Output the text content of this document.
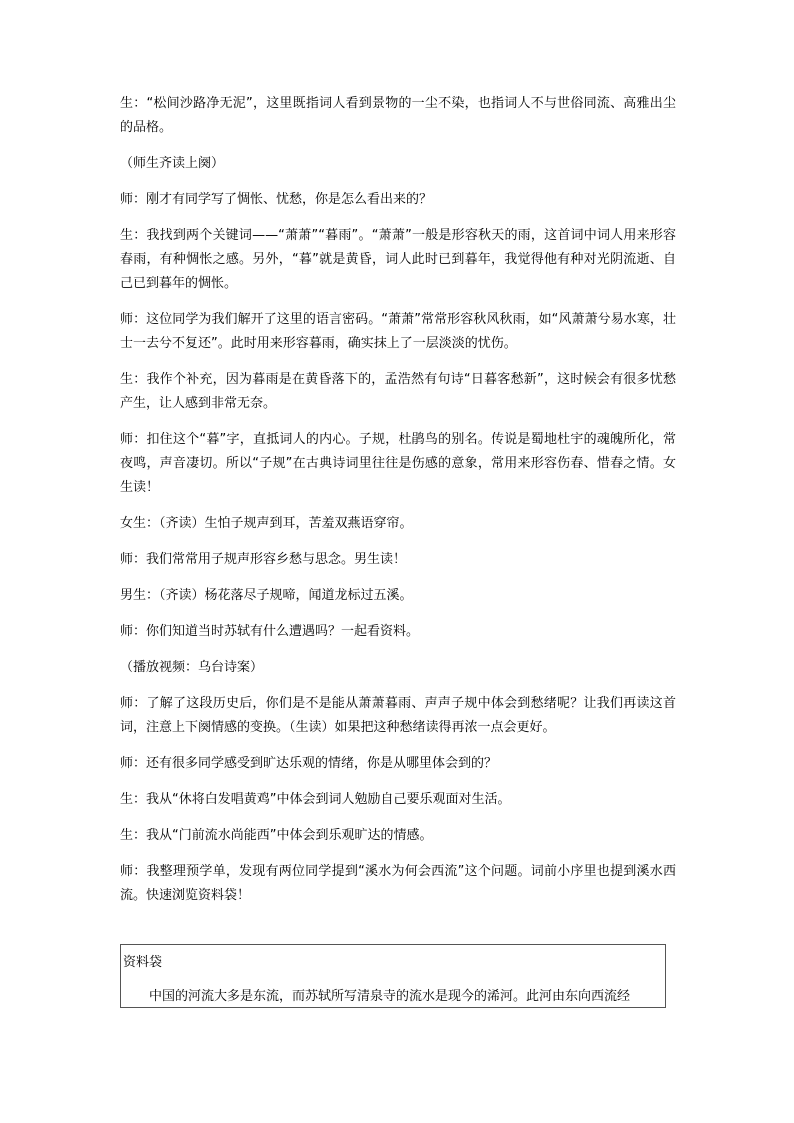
生：“松间沙路净无泥”，这里既指词人看到景物的一尘不染，也指词人不与世俗同流、高雅出尘的品格。

（师生齐读上阕）

师：刚才有同学写了惆怅、忧愁，你是怎么看出来的？

生：我找到两个关键词——“萧萧”“暮雨”。“萧萧”一般是形容秋天的雨，这首词中词人用来形容春雨，有种惆怅之感。另外，“暮”就是黄昏，词人此时已到暮年，我觉得他有种对光阴流逝、自己已到暮年的惆怅。

师：这位同学为我们解开了这里的语言密码。“萧萧”常常形容秋风秋雨，如“风萧萧兮易水寒，壮士一去兮不复还”。此时用来形容暮雨，确实抹上了一层淡淡的忧伤。

生：我作个补充，因为暮雨是在黄昏落下的，孟浩然有句诗“日暮客愁新”，这时候会有很多忧愁产生，让人感到非常无奈。

师：扣住这个“暮”字，直抵词人的内心。子规，杜鹃鸟的别名。传说是蜀地杜宇的魂魄所化，常夜鸣，声音凄切。所以“子规”在古典诗词里往往是伤感的意象，常用来形容伤春、惜春之情。女生读！

女生：（齐读）生怕子规声到耳，苦羞双燕语穿帘。

师：我们常常用子规声形容乡愁与思念。男生读！

男生：（齐读）杨花落尽子规啼，闻道龙标过五溪。

师：你们知道当时苏轼有什么遭遇吗？一起看资料。

（播放视频：乌台诗案）

师：了解了这段历史后，你们是不是能从萧萧暮雨、声声子规中体会到愁绪呢？让我们再读这首词，注意上下阕情感的变换。（生读）如果把这种愁绪读得再浓一点会更好。

师：还有很多同学感受到旷达乐观的情绪，你是从哪里体会到的？

生：我从“休将白发唱黄鸡”中体会到词人勉励自己要乐观面对生活。

生：我从“门前流水尚能西”中体会到乐观旷达的情感。

师：我整理预学单，发现有两位同学提到“溪水为何会西流”这个问题。词前小序里也提到溪水西流。快速浏览资料袋！

资料袋
中国的河流大多是东流，而苏轼所写清泉寺的流水是现今的浠河。此河由东向西流经
